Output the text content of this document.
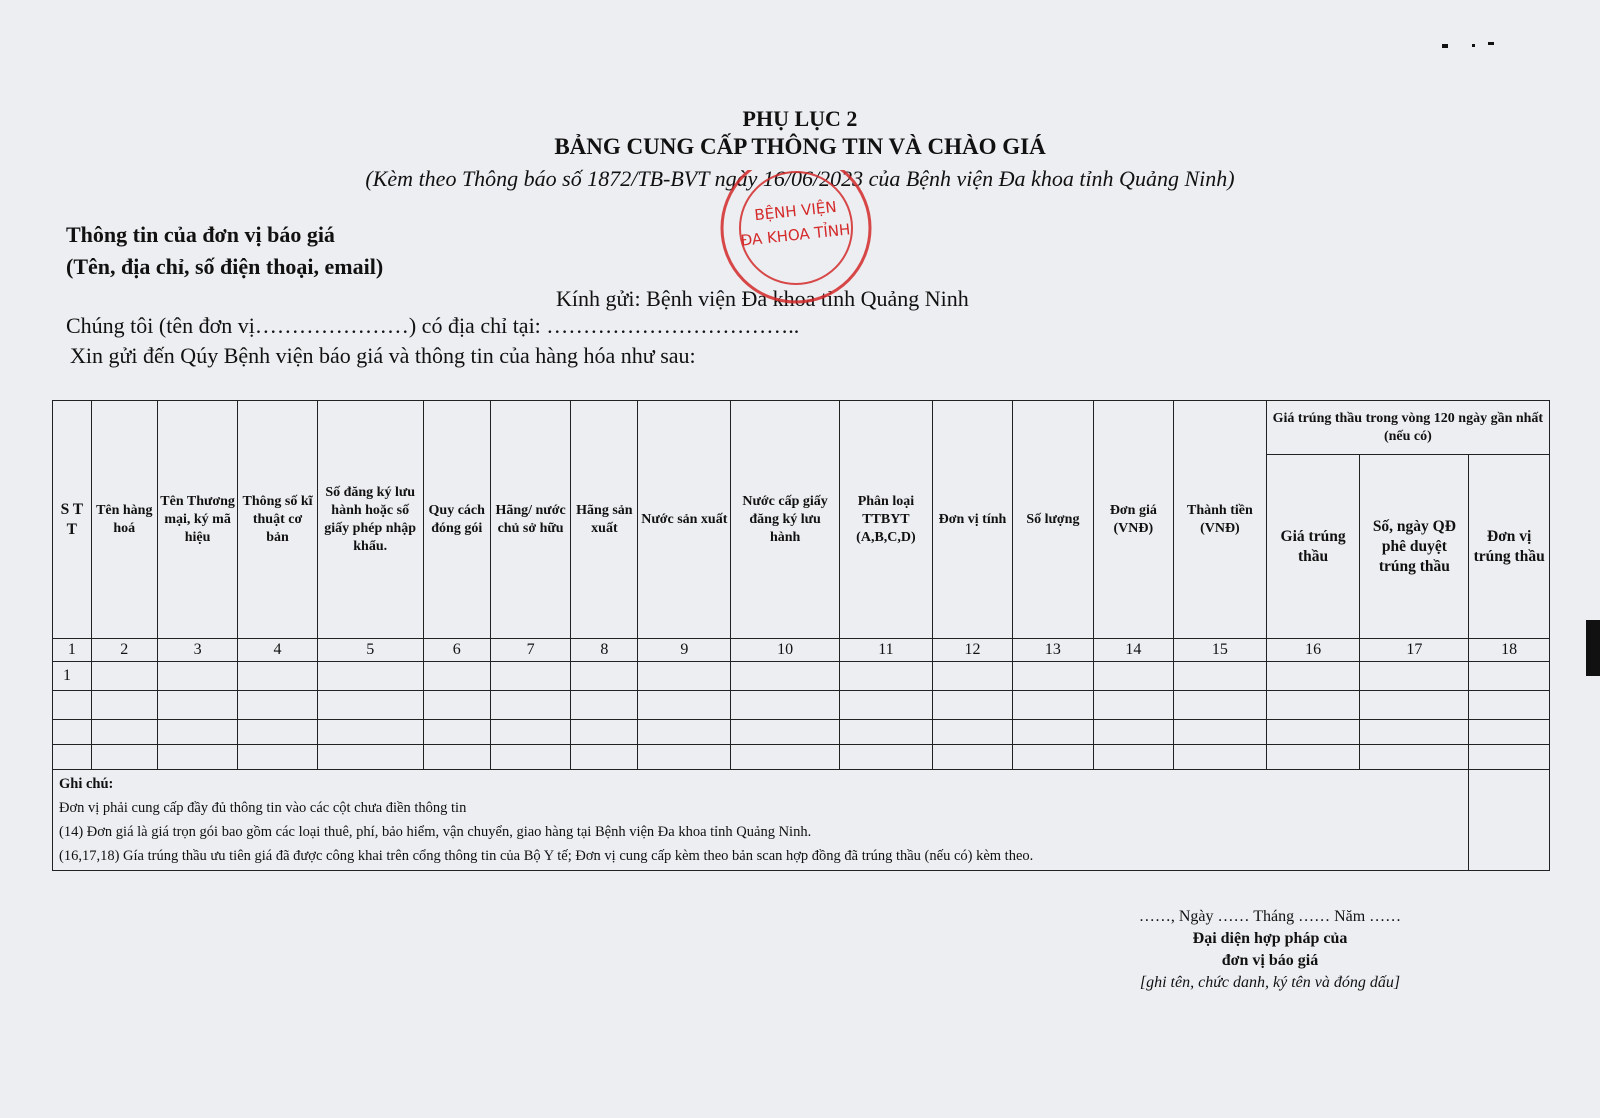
PHỤ LỤC 2
BẢNG CUNG CẤP THÔNG TIN VÀ CHÀO GIÁ
(Kèm theo Thông báo số 1872/TB-BVT ngày 16/06/2023 của Bệnh viện Đa khoa tỉnh Quảng Ninh)
Thông tin của đơn vị báo giá
(Tên, địa chỉ, số điện thoại, email)
Kính gửi: Bệnh viện Đa khoa tỉnh Quảng Ninh
Chúng tôi (tên đơn vị…………………) có địa chỉ tại: ……………………………..
Xin gửi đến Qúy Bệnh viện báo giá và thông tin của hàng hóa như sau:
BỆNH VIỆN
ĐA KHOA TỈNH
S T T	Tên hàng hoá	Tên Thương mại, ký mã hiệu	Thông số kĩ thuật cơ bản	Số đăng ký lưu hành hoặc số giấy phép nhập khẩu.	Quy cách đóng gói	Hãng/ nước chủ sở hữu	Hãng sản xuất	Nước sản xuất	Nước cấp giấy đăng ký lưu hành	Phân loại TTBYT (A,B,C,D)	Đơn vị tính	Số lượng	Đơn giá (VNĐ)	Thành tiền (VNĐ)	Giá trúng thầu trong vòng 120 ngày gần nhất (nếu có)		
															Giá trúng thầu	Số, ngày QĐ phê duyệt trúng thầu	Đơn vị trúng thầu
1	2	3	4	5	6	7	8	9	10	11	12	13	14	15	16	17	18
1																	

Ghi chú:
Đơn vị phải cung cấp đầy đủ thông tin vào các cột chưa điền thông tin
(14) Đơn giá là giá trọn gói bao gồm các loại thuê, phí, bảo hiểm, vận chuyển, giao hàng tại Bệnh viện Đa khoa tỉnh Quảng Ninh.
(16,17,18) Gía trúng thầu ưu tiên giá đã được công khai trên cổng thông tin của Bộ Y tế; Đơn vị cung cấp kèm theo bản scan hợp đồng đã trúng thầu (nếu có) kèm theo.																	

……, Ngày …… Tháng …… Năm ……
Đại diện hợp pháp của
đơn vị báo giá
[ghi tên, chức danh, ký tên và đóng dấu]
